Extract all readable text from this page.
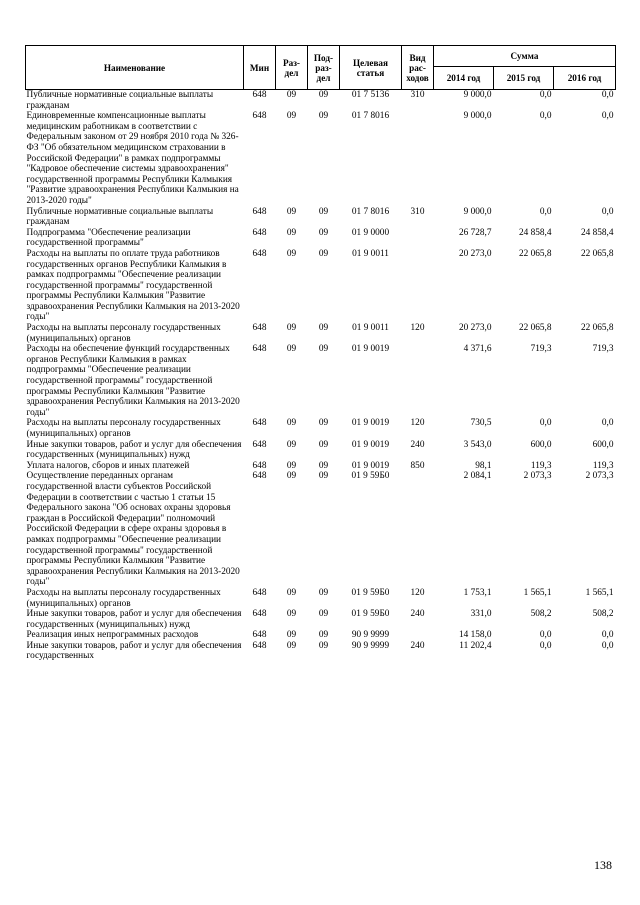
Наименование	Мин	Раз-дел	Под-раз-дел	Целевая статья	Вид рас-ходов	Сумма		
						2014 год	2015 год	2016 год
Публичные нормативные социальные выплаты гражданам	648	09	09	01 7 5136	310	9 000,0	0,0	0,0
Единовременные компенсационные выплаты медицинским работникам в соответствии с Федеральным законом от 29 ноября 2010 года № 326-ФЗ "Об обязательном медицинском страховании в Российской Федерации" в рамках подпрограммы "Кадровое обеспечение системы здравоохранения" государственной программы Республики Калмыкия "Развитие здравоохранения Республики Калмыкия на 2013-2020 годы"	648	09	09	01 7 8016		9 000,0	0,0	0,0
Публичные нормативные социальные выплаты гражданам	648	09	09	01 7 8016	310	9 000,0	0,0	0,0
Подпрограмма "Обеспечение реализации государственной программы"	648	09	09	01 9 0000		26 728,7	24 858,4	24 858,4
Расходы на выплаты по оплате труда работников государственных органов Республики Калмыкия в рамках подпрограммы "Обеспечение реализации государственной программы" государственной программы Республики Калмыкия "Развитие здравоохранения Республики Калмыкия на 2013-2020 годы"	648	09	09	01 9 0011		20 273,0	22 065,8	22 065,8
Расходы на выплаты персоналу государственных (муниципальных) органов	648	09	09	01 9 0011	120	20 273,0	22 065,8	22 065,8
Расходы на обеспечение функций государственных органов Республики Калмыкия в рамках подпрограммы "Обеспечение реализации государственной программы" государственной программы Республики Калмыкия "Развитие здравоохранения Республики Калмыкия на 2013-2020 годы"	648	09	09	01 9 0019		4 371,6	719,3	719,3
Расходы на выплаты персоналу государственных (муниципальных) органов	648	09	09	01 9 0019	120	730,5	0,0	0,0
Иные закупки товаров, работ и услуг для обеспечения государственных (муниципальных) нужд	648	09	09	01 9 0019	240	3 543,0	600,0	600,0
Уплата налогов, сборов и иных платежей	648	09	09	01 9 0019	850	98,1	119,3	119,3
Осуществление переданных органам государственной власти субъектов Российской Федерации в соответствии с частью 1 статьи 15 Федерального закона "Об основах охраны здоровья граждан в Российской Федерации" полномочий Российской Федерации в сфере охраны здоровья в рамках подпрограммы "Обеспечение реализации государственной программы" государственной программы Республики Калмыкия "Развитие здравоохранения Республики Калмыкия на 2013-2020 годы"	648	09	09	01 9 59Б0		2 084,1	2 073,3	2 073,3
Расходы на выплаты персоналу государственных (муниципальных) органов	648	09	09	01 9 59Б0	120	1 753,1	1 565,1	1 565,1
Иные закупки товаров, работ и услуг для обеспечения государственных (муниципальных) нужд	648	09	09	01 9 59Б0	240	331,0	508,2	508,2
Реализация иных непрограммных расходов	648	09	09	90 9 9999		14 158,0	0,0	0,0
Иные закупки товаров, работ и услуг для обеспечения государственных	648	09	09	90 9 9999	240	11 202,4	0,0	0,0
138
